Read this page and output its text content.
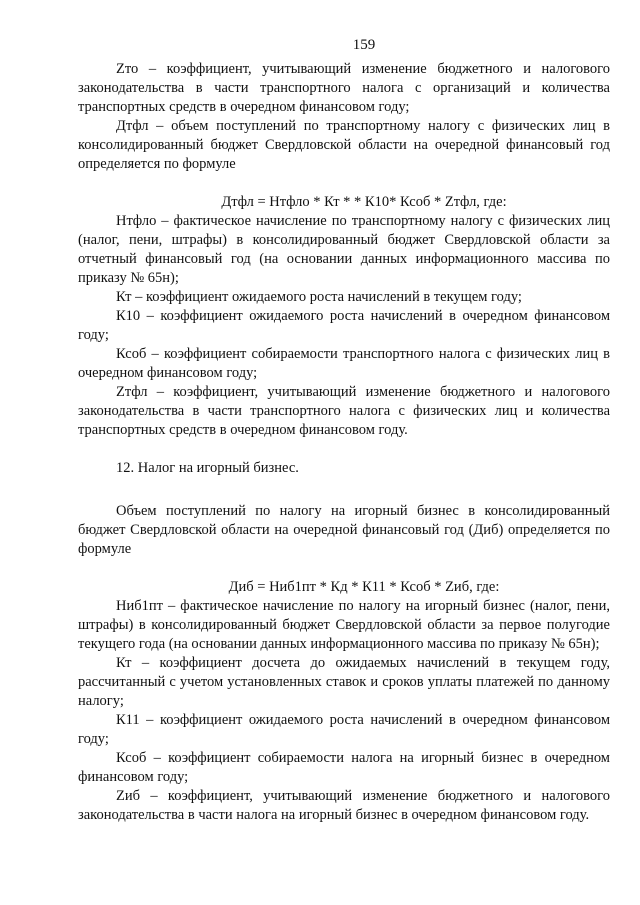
159

Zто – коэффициент, учитывающий изменение бюджетного и налогового законодательства в части транспортного налога с организаций и количества транспортных средств в очередном финансовом году;

Дтфл – объем поступлений по транспортному налогу с физических лиц в консолидированный бюджет Свердловской области на очередной финансовый год определяется по формуле

Дтфл = Нтфло * Кт * * К10* Ксоб * Zтфл, где:

Нтфло – фактическое начисление по транспортному налогу с физических лиц (налог, пени, штрафы) в консолидированный бюджет Свердловской области за отчетный финансовый год (на основании данных информационного массива по приказу № 65н);

Кт – коэффициент ожидаемого роста начислений в текущем году;

К10 – коэффициент ожидаемого роста начислений в очередном финансовом году;

Ксоб – коэффициент собираемости транспортного налога с физических лиц в очередном финансовом году;

Zтфл – коэффициент, учитывающий изменение бюджетного и налогового законодательства в части транспортного налога с физических лиц и количества транспортных средств в очередном финансовом году.

12. Налог на игорный бизнес.

Объем поступлений по налогу на игорный бизнес в консолидированный бюджет Свердловской области на очередной финансовый год (Диб) определяется по формуле

Диб = Ниб1пт * Кд * К11 * Ксоб * Zиб, где:

Ниб1пт – фактическое начисление по налогу на игорный бизнес (налог, пени, штрафы) в консолидированный бюджет Свердловской области за первое полугодие текущего года (на основании данных информационного массива по приказу № 65н);

Кт – коэффициент досчета до ожидаемых начислений в текущем году, рассчитанный с учетом установленных ставок и сроков уплаты платежей по данному налогу;

К11 – коэффициент ожидаемого роста начислений в очередном финансовом году;

Ксоб – коэффициент собираемости налога на игорный бизнес в очередном финансовом году;

Zиб – коэффициент, учитывающий изменение бюджетного и налогового законодательства в части налога на игорный бизнес в очередном финансовом году.
